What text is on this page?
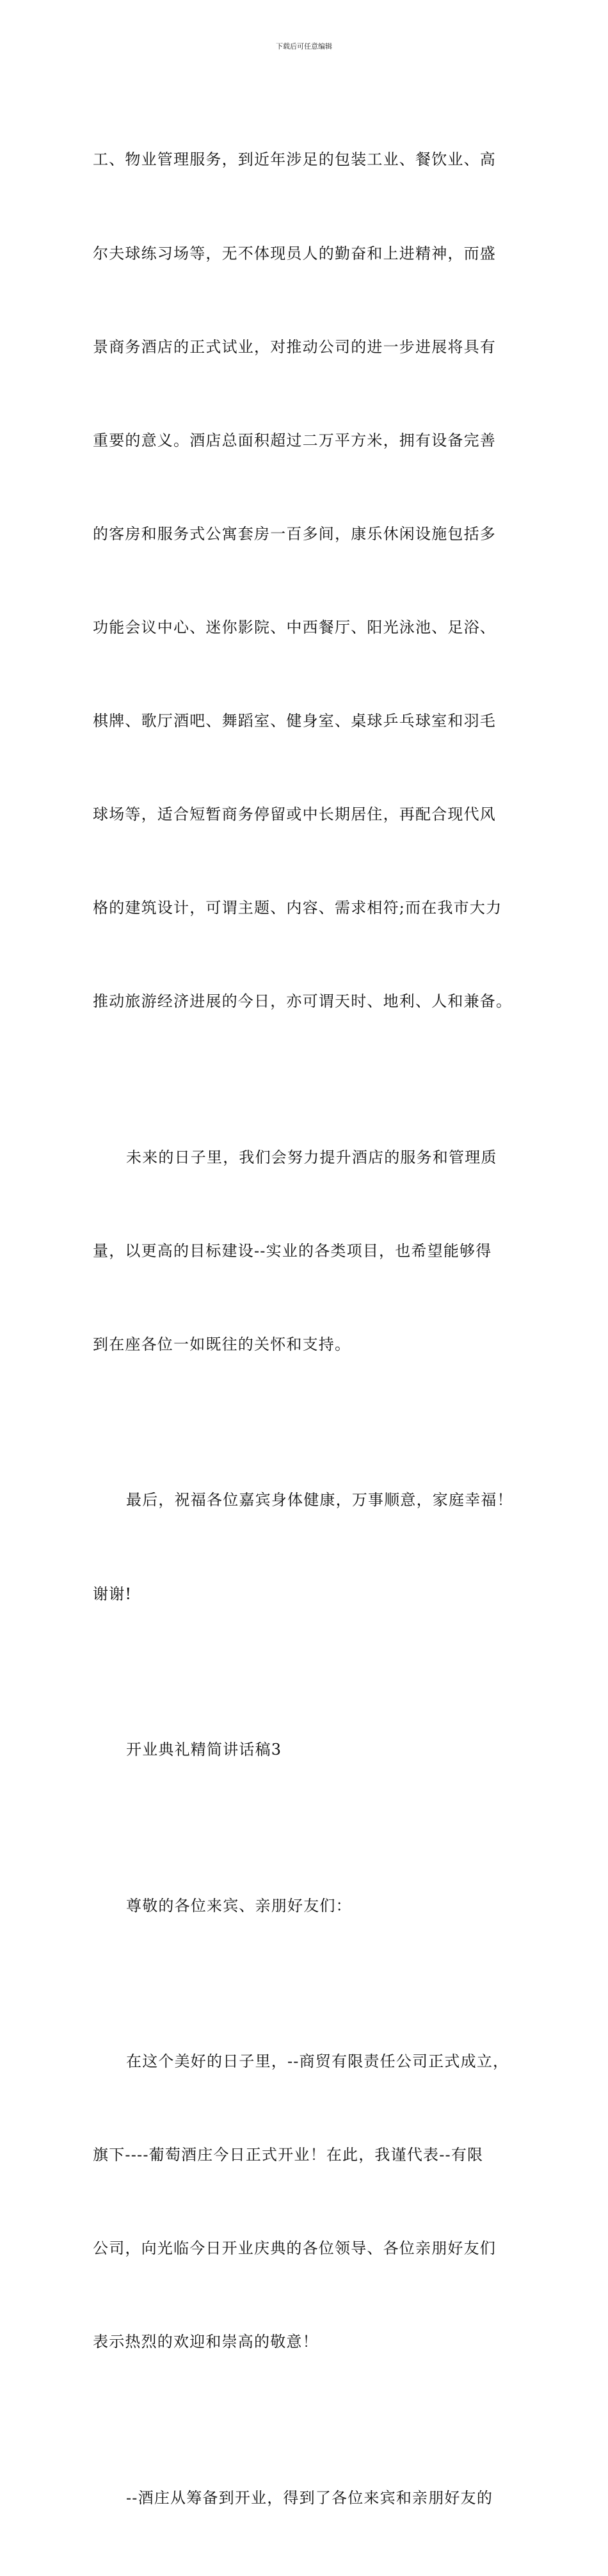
下载后可任意编辑

工、物业管理服务，到近年涉足的包装工业、餐饮业、高

尔夫球练习场等，无不体现员人的勤奋和上进精神，而盛

景商务酒店的正式试业，对推动公司的进一步进展将具有

重要的意义。酒店总面积超过二万平方米，拥有设备完善

的客房和服务式公寓套房一百多间，康乐休闲设施包括多

功能会议中心、迷你影院、中西餐厅、阳光泳池、足浴、

棋牌、歌厅酒吧、舞蹈室、健身室、桌球乒乓球室和羽毛

球场等，适合短暂商务停留或中长期居住，再配合现代风

格的建筑设计，可谓主题、内容、需求相符;而在我市大力

推动旅游经济进展的今日，亦可谓天时、地利、人和兼备。

未来的日子里，我们会努力提升酒店的服务和管理质

量，以更高的目标建设--实业的各类项目，也希望能够得

到在座各位一如既往的关怀和支持。

最后，祝福各位嘉宾身体健康，万事顺意，家庭幸福！

谢谢!

开业典礼精简讲话稿3

尊敬的各位来宾、亲朋好友们：

在这个美好的日子里，--商贸有限责任公司正式成立，

旗下----葡萄酒庄今日正式开业！在此，我谨代表--有限

公司，向光临今日开业庆典的各位领导、各位亲朋好友们

表示热烈的欢迎和崇高的敬意！

--酒庄从筹备到开业，得到了各位来宾和亲朋好友的
